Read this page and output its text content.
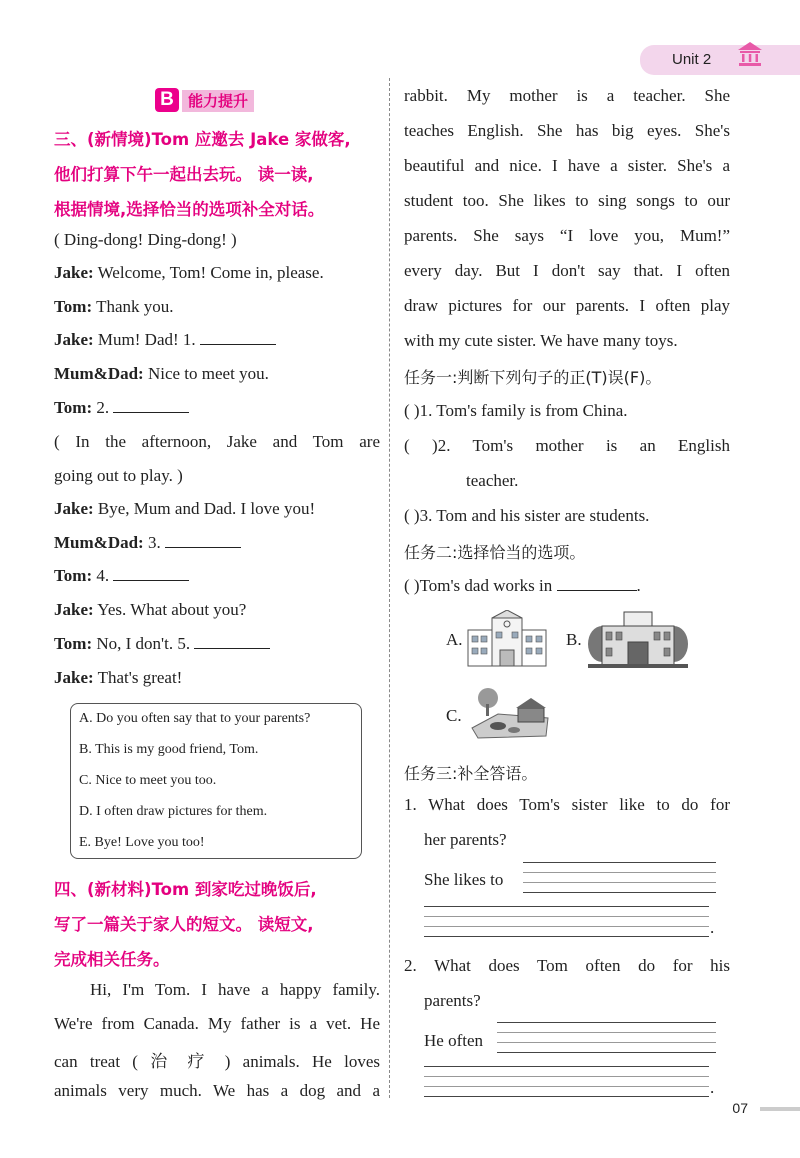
Unit 2
B 能力提升
三、(新情境)Tom 应邀去 Jake 家做客,
他们打算下午一起出去玩。 读一读,
根据情境,选择恰当的选项补全对话。
( Ding-dong! Ding-dong! )
Jake: Welcome, Tom! Come in, please.
Tom: Thank you.
Jake: Mum! Dad! 1.
Mum&Dad: Nice to meet you.
Tom: 2.
( In the afternoon, Jake and Tom are
going out to play. )
Jake: Bye, Mum and Dad. I love you!
Mum&Dad: 3.
Tom: 4.
Jake: Yes. What about you?
Tom: No, I don't. 5.
Jake: That's great!
A. Do you often say that to your parents?
B. This is my good friend, Tom.
C. Nice to meet you too.
D. I often draw pictures for them.
E. Bye! Love you too!
四、(新材料)Tom 到家吃过晚饭后,
写了一篇关于家人的短文。 读短文,
完成相关任务。
Hi, I'm Tom. I have a happy family.
We're from Canada. My father is a vet. He
can treat ( 治 疗 ) animals. He loves
animals very much. We has a dog and a
rabbit. My mother is a teacher. She
teaches English. She has big eyes. She's
beautiful and nice. I have a sister. She's a
student too. She likes to sing songs to our
parents. She says “I love you, Mum!”
every day. But I don't say that. I often
draw pictures for our parents. I often play
with my cute sister. We have many toys.
任务一:判断下列句子的正(T)误(F)。
( )1. Tom's family is from China.
( )2. Tom's mother is an English
teacher.
( )3. Tom and his sister are students.
任务二:选择恰当的选项。
( )Tom's dad works in	.
A.	B.
C.
任务三:补全答语。
1. What does Tom's sister like to do for
her parents?
She likes to
.
2. What does Tom often do for his
parents?
He often
.
07
